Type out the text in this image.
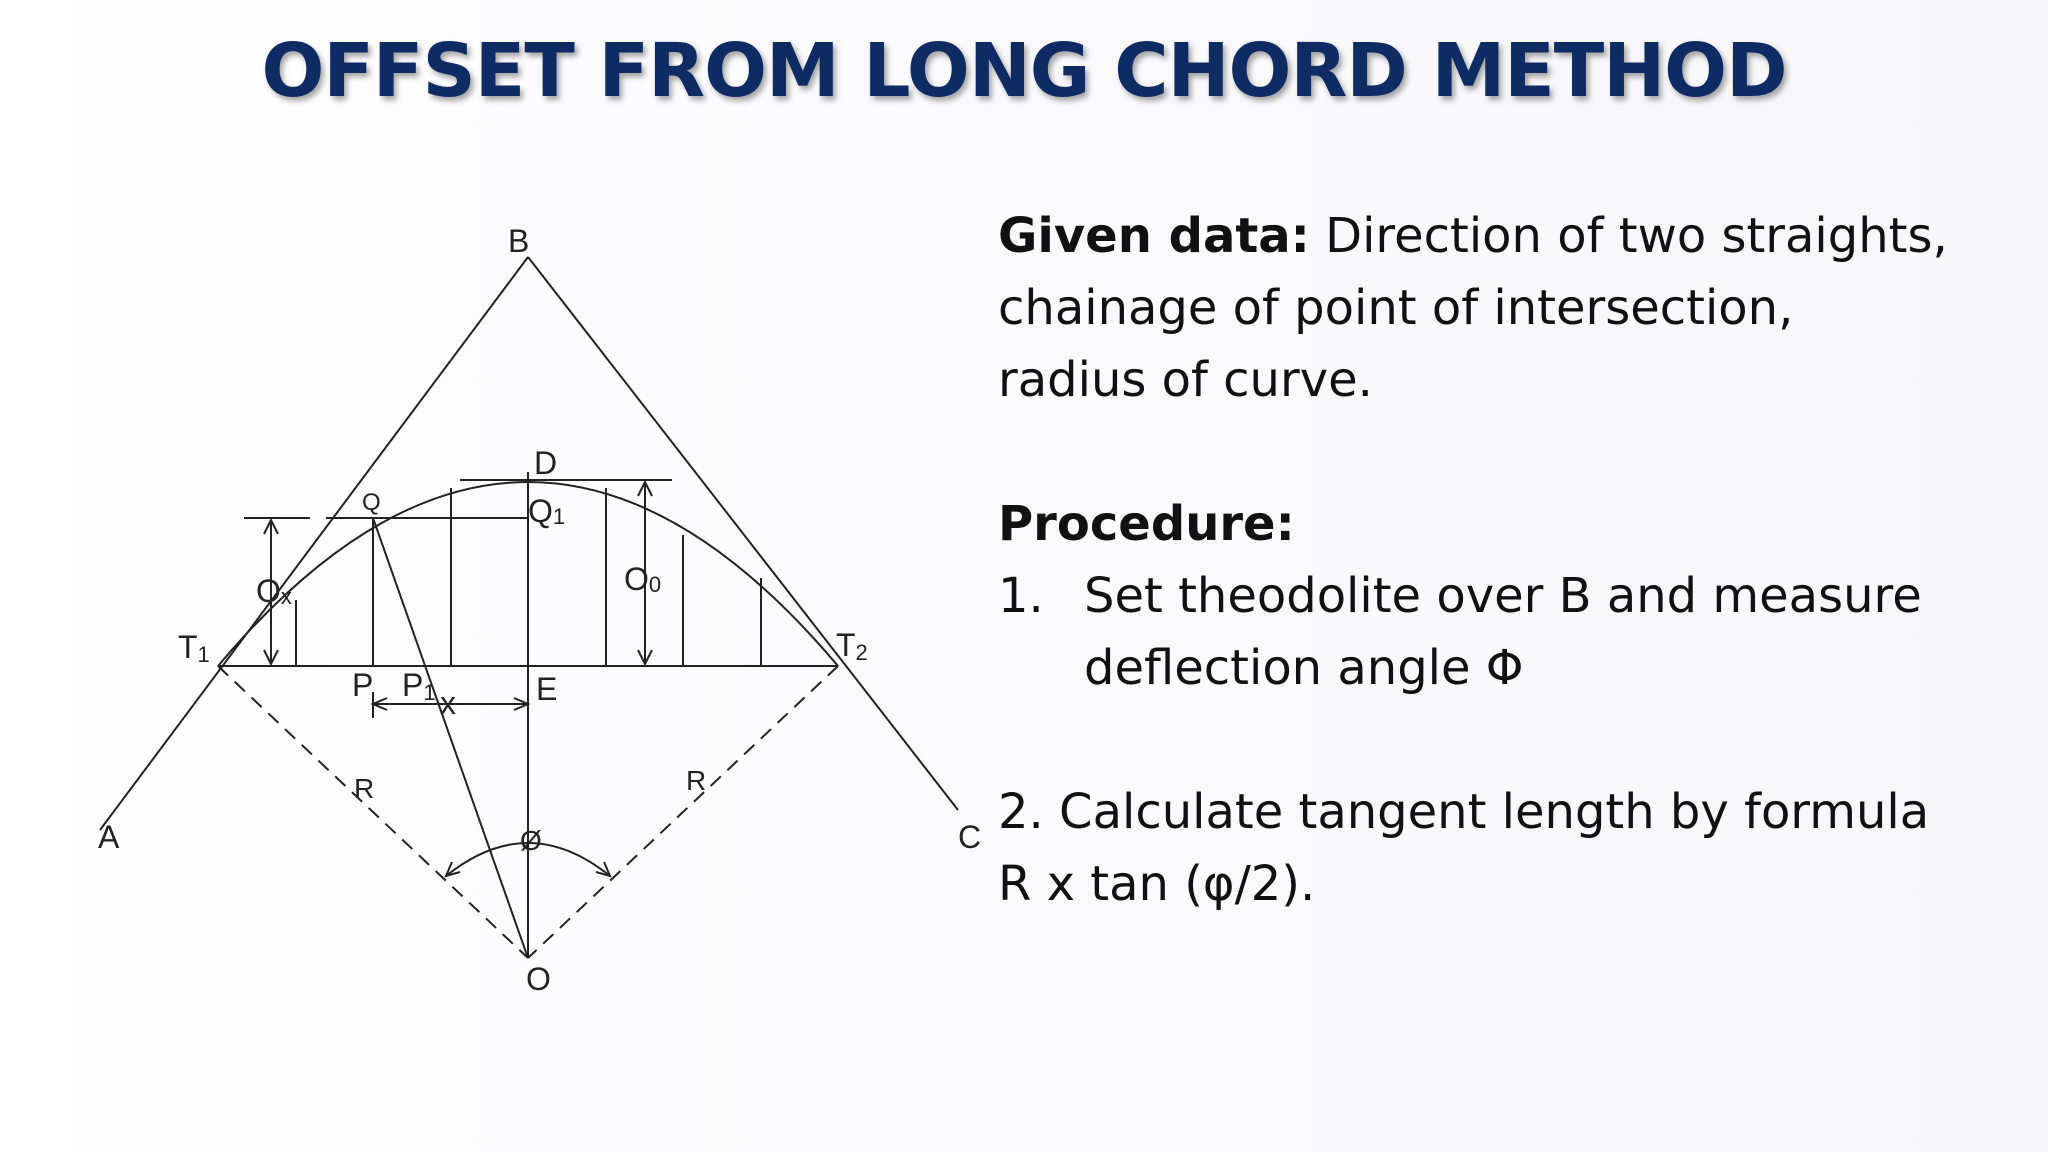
OFFSET FROM LONG CHORD METHOD
A
B
C
D
E
O
P P1
Q	Q1
T1	T2
Ox	O0
x
R	R
Ø

Given data: Direction of two straights,

chainage of point of intersection,

radius of curve.

Procedure:

1. Set theodolite over B and measure
deflection angle Φ

2. Calculate tangent length by formula

R x tan (φ/2).
